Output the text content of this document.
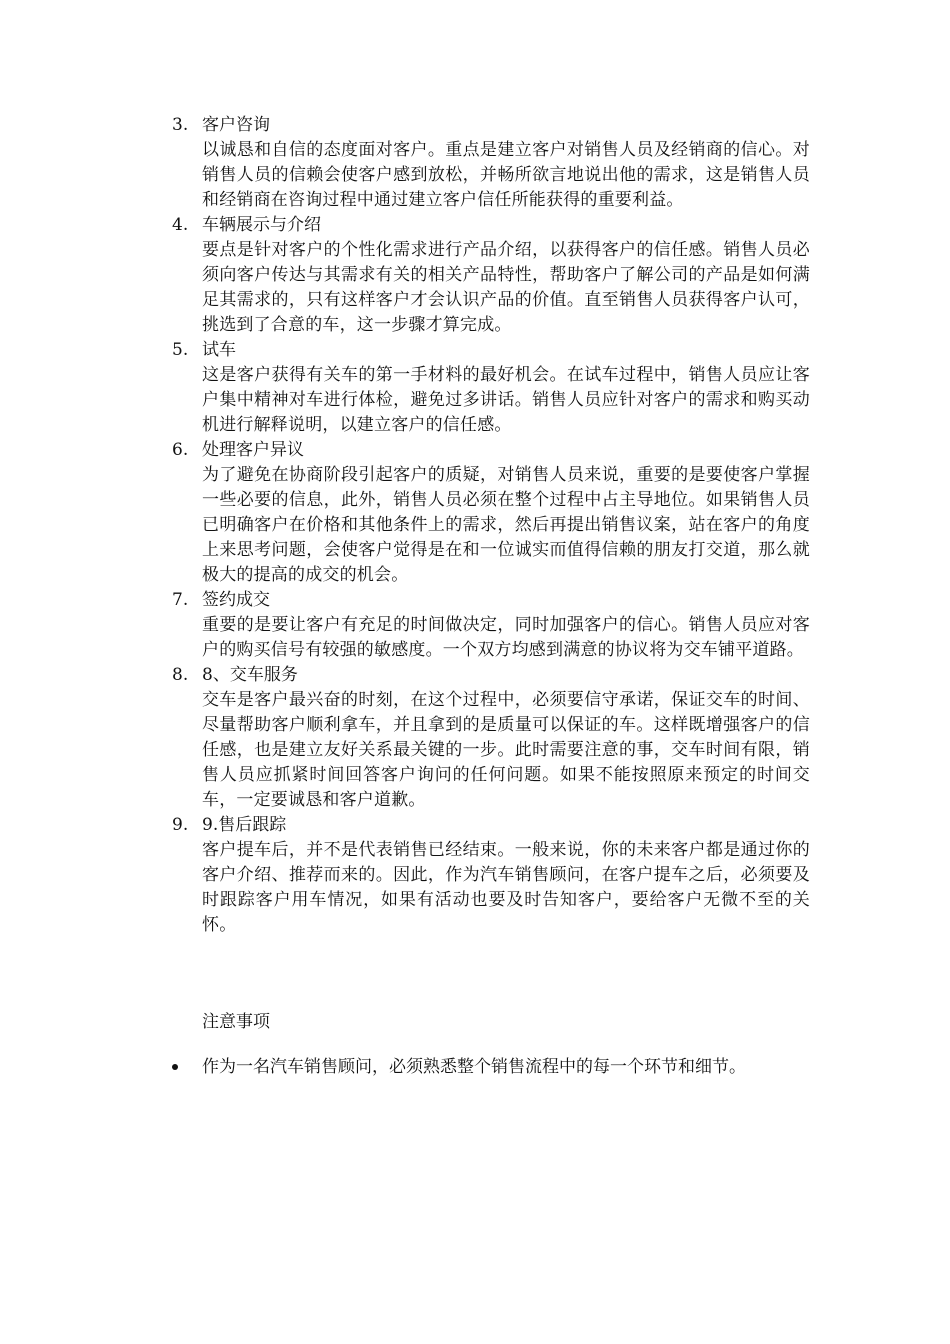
3. 客户咨询
以诚恳和自信的态度面对客户。重点是建立客户对销售人员及经销商的信心。对销售人员的信赖会使客户感到放松，并畅所欲言地说出他的需求，这是销售人员和经销商在咨询过程中通过建立客户信任所能获得的重要利益。
4. 车辆展示与介绍
要点是针对客户的个性化需求进行产品介绍，以获得客户的信任感。销售人员必须向客户传达与其需求有关的相关产品特性，帮助客户了解公司的产品是如何满足其需求的，只有这样客户才会认识产品的价值。直至销售人员获得客户认可，挑选到了合意的车，这一步骤才算完成。
5. 试车
这是客户获得有关车的第一手材料的最好机会。在试车过程中，销售人员应让客户集中精神对车进行体检，避免过多讲话。销售人员应针对客户的需求和购买动机进行解释说明，以建立客户的信任感。
6. 处理客户异议
为了避免在协商阶段引起客户的质疑，对销售人员来说，重要的是要使客户掌握一些必要的信息，此外，销售人员必须在整个过程中占主导地位。如果销售人员已明确客户在价格和其他条件上的需求，然后再提出销售议案，站在客户的角度上来思考问题，会使客户觉得是在和一位诚实而值得信赖的朋友打交道，那么就极大的提高的成交的机会。
7. 签约成交
重要的是要让客户有充足的时间做决定，同时加强客户的信心。销售人员应对客户的购买信号有较强的敏感度。一个双方均感到满意的协议将为交车铺平道路。
8. 8、交车服务
交车是客户最兴奋的时刻，在这个过程中，必须要信守承诺，保证交车的时间、尽量帮助客户顺利拿车，并且拿到的是质量可以保证的车。这样既增强客户的信任感，也是建立友好关系最关键的一步。此时需要注意的事，交车时间有限，销售人员应抓紧时间回答客户询问的任何问题。如果不能按照原来预定的时间交车，一定要诚恳和客户道歉。
9. 9.售后跟踪
客户提车后，并不是代表销售已经结束。一般来说，你的未来客户都是通过你的客户介绍、推荐而来的。因此，作为汽车销售顾问，在客户提车之后，必须要及时跟踪客户用车情况，如果有活动也要及时告知客户，要给客户无微不至的关怀。
注意事项
作为一名汽车销售顾问，必须熟悉整个销售流程中的每一个环节和细节。
